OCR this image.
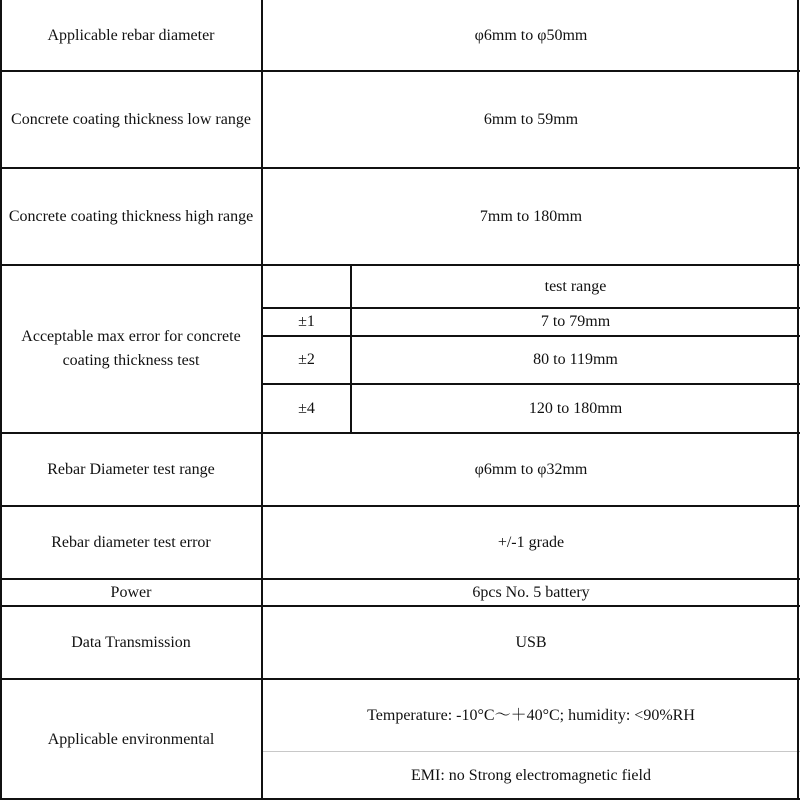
Applicable rebar diameter	φ6mm to φ50mm
Concrete coating thickness low range	6mm to 59mm
Concrete coating thickness high range	7mm to 180mm
Acceptable max error for concrete coating thickness test
test range
±1	7 to 79mm
±2	80 to 119mm
±4	120 to 180mm
Rebar Diameter test range	φ6mm to φ32mm
Rebar diameter test error	+/-1 grade
Power	6pcs No. 5 battery
Data Transmission	USB
Applicable environmental
Temperature: -10°C～＋40°C; humidity: <90%RH
EMI: no Strong electromagnetic field
